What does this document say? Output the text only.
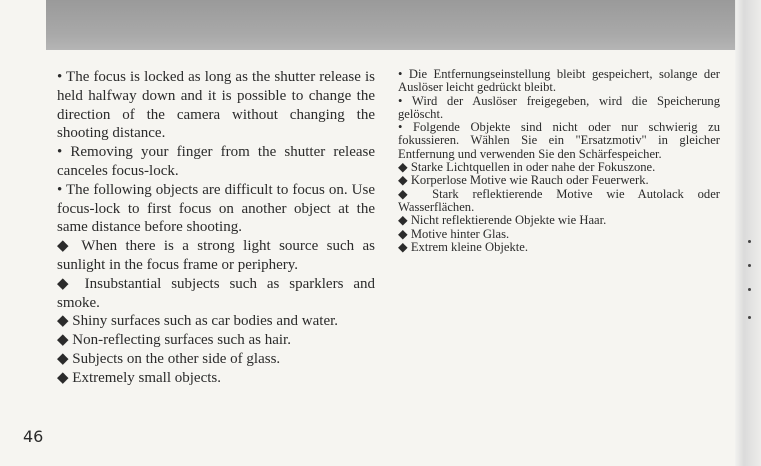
• The focus is locked as long as the shutter release is held halfway down and it is possible to change the direction of the camera without changing the shooting distance.

• Removing your finger from the shutter release canceles focus-lock.

• The following objects are difficult to focus on. Use focus-lock to first focus on another object at the same distance before shooting.

◆ When there is a strong light source such as sunlight in the focus frame or periphery.

◆ Insubstantial subjects such as sparklers and smoke.

◆ Shiny surfaces such as car bodies and water.

◆ Non-reflecting surfaces such as hair.

◆ Subjects on the other side of glass.

◆ Extremely small objects.

• Die Entfernungseinstellung bleibt gespeichert, solange der Auslöser leicht gedrückt bleibt.

• Wird der Auslöser freigegeben, wird die Speicherung gelöscht.

• Folgende Objekte sind nicht oder nur schwierig zu fokussieren. Wählen Sie ein "Ersatzmotiv" in gleicher Entfernung und verwenden Sie den Schärfespeicher.

◆ Starke Lichtquellen in oder nahe der Fokuszone.

◆ Korperlose Motive wie Rauch oder Feuerwerk.

◆ Stark reflektierende Motive wie Autolack oder Wasserflächen.

◆ Nicht reflektierende Objekte wie Haar.

◆ Motive hinter Glas.

◆ Extrem kleine Objekte.

46
